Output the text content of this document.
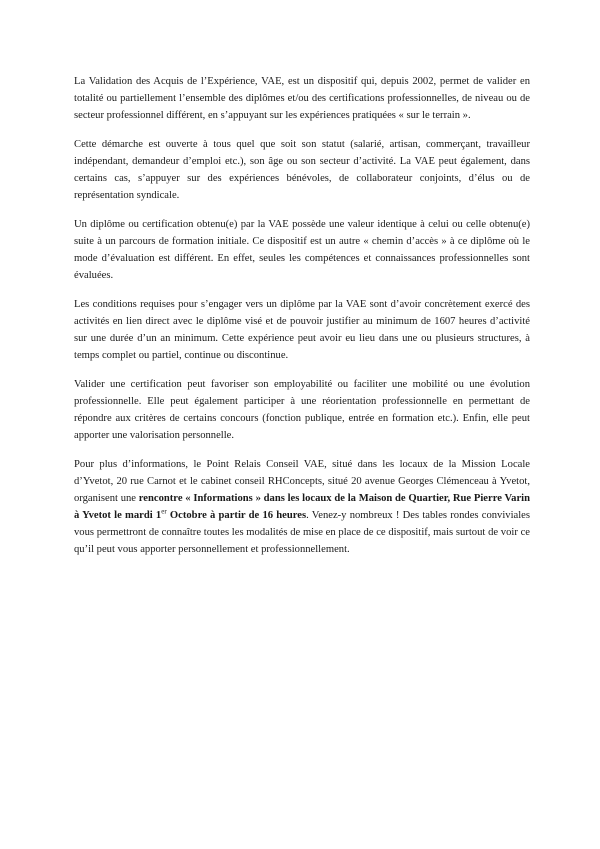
La Validation des Acquis de l’Expérience, VAE, est un dispositif qui, depuis 2002, permet de valider en totalité ou partiellement l’ensemble des diplômes et/ou des certifications professionnelles, de niveau ou de secteur professionnel différent, en s’appuyant sur les expériences pratiquées « sur le terrain ».

Cette démarche est ouverte à tous quel que soit son statut (salarié, artisan, commerçant, travailleur indépendant, demandeur d’emploi etc.), son âge ou son secteur d’activité. La VAE peut également, dans certains cas, s’appuyer sur des expériences bénévoles, de collaborateur conjoints, d’élus ou de représentation syndicale.

Un diplôme ou certification obtenu(e) par la VAE possède une valeur identique à celui ou celle obtenu(e) suite à un parcours de formation initiale. Ce dispositif est un autre « chemin d’accès » à ce diplôme où le mode d’évaluation est différent. En effet, seules les compétences et connaissances professionnelles sont évaluées.

Les conditions requises pour s’engager vers un diplôme par la VAE sont d’avoir concrètement exercé des activités en lien direct avec le diplôme visé et de pouvoir justifier au minimum de 1607 heures d’activité sur une durée d’un an minimum. Cette expérience peut avoir eu lieu dans une ou plusieurs structures, à temps complet ou partiel, continue ou discontinue.

Valider une certification peut favoriser son employabilité ou faciliter une mobilité ou une évolution professionnelle. Elle peut également participer à une réorientation professionnelle en permettant de répondre aux critères de certains concours (fonction publique, entrée en formation etc.). Enfin, elle peut apporter une valorisation personnelle.

Pour plus d’informations, le Point Relais Conseil VAE, situé dans les locaux de la Mission Locale d’Yvetot, 20 rue Carnot et le cabinet conseil RHConcepts, situé 20 avenue Georges Clémenceau à Yvetot, organisent une rencontre « Informations » dans les locaux de la Maison de Quartier, Rue Pierre Varin à Yvetot le mardi 1er Octobre à partir de 16 heures. Venez-y nombreux ! Des tables rondes conviviales vous permettront de connaître toutes les modalités de mise en place de ce dispositif, mais surtout de voir ce qu’il peut vous apporter personnellement et professionnellement.
